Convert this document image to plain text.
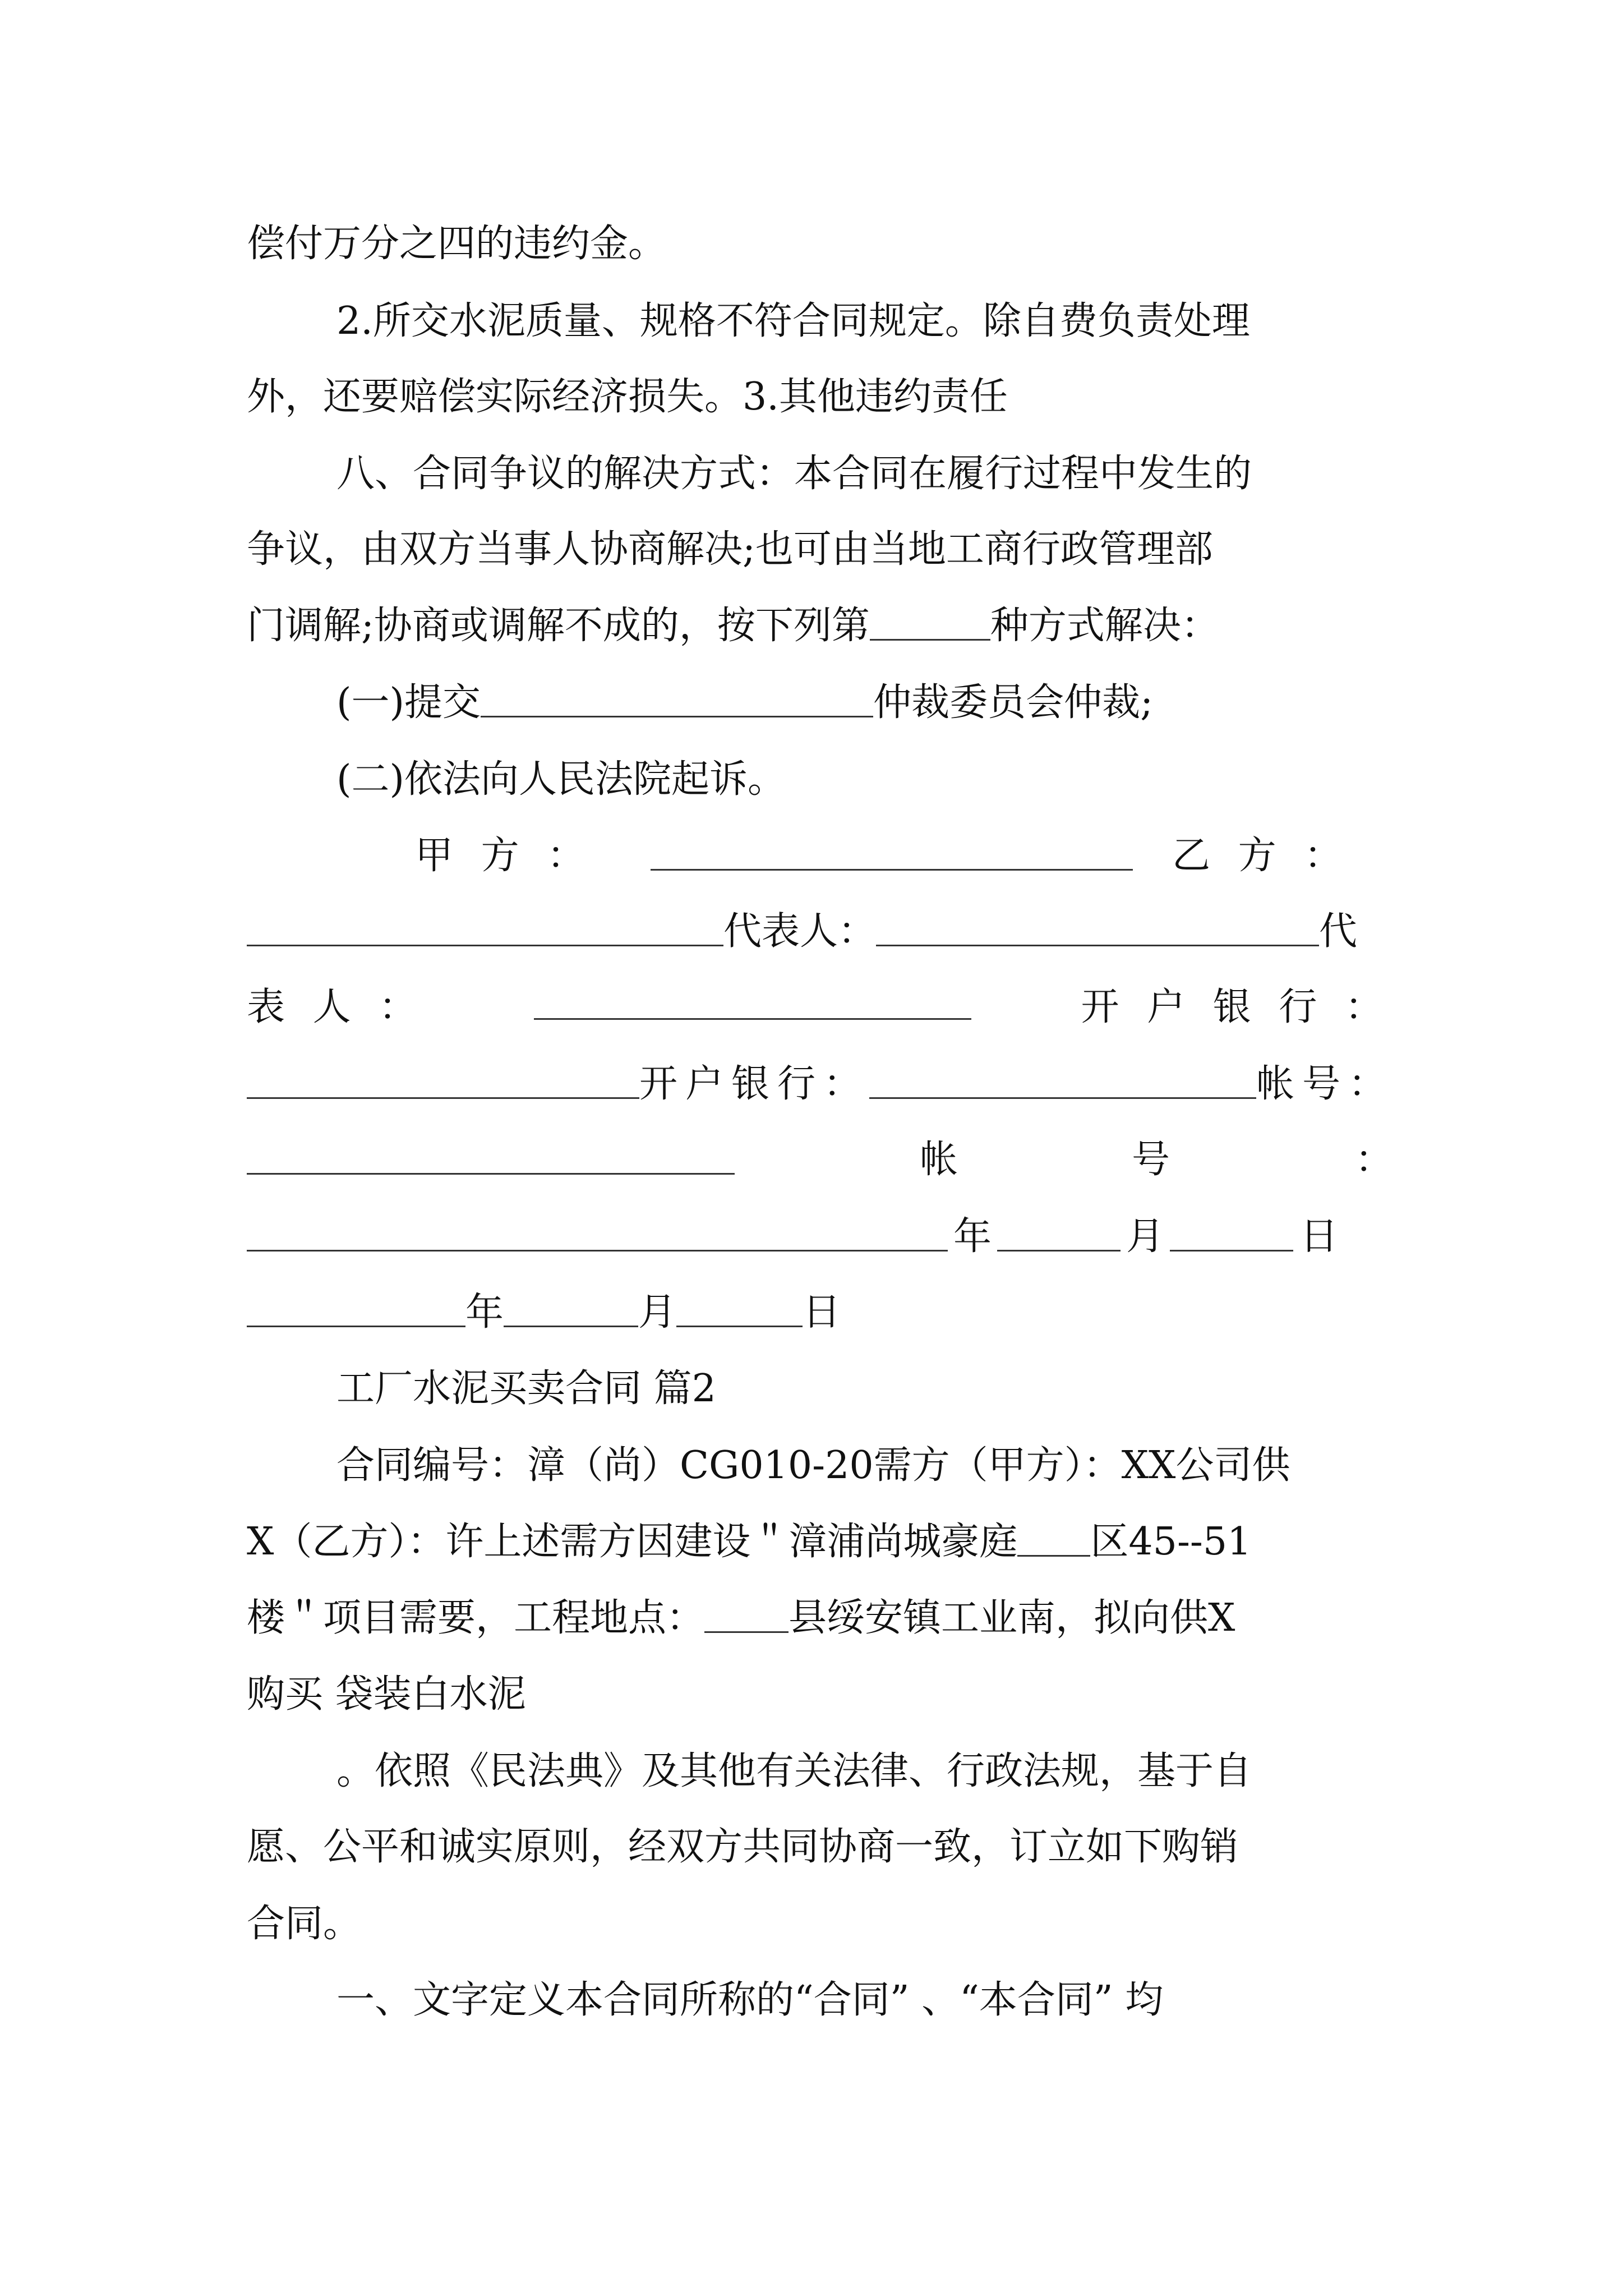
偿付万分之四的违约金。
2.所交水泥质量、规格不符合同规定。除自费负责处理
外，还要赔偿实际经济损失。3.其他违约责任
八、合同争议的解决方式：本合同在履行过程中发生的
争议，由双方当事人协商解决;也可由当地工商行政管理部
门调解;协商或调解不成的，按下列第	种方式解决：
(一)提交	仲裁委员会仲裁;
(二)依法向人民法院起诉。
甲 方 ：	乙 方 ：
代表人：	代
表 人 ：	开 户 银 行 ：
开户银行：	帐号：
帐	号	：
年	月	日
年	月	日
工厂水泥买卖合同 篇2
合同编号：漳（尚）CG010-20需方（甲方）：XX公司供
X（乙方）：许上述需方因建设＂漳浦尚城豪庭 区45--51
楼＂项目需要，工程地点： 县绥安镇工业南，拟向供X
购买 袋装白水泥
。依照《民法典》及其他有关法律、行政法规，基于自
愿、公平和诚实原则，经双方共同协商一致，订立如下购销
合同。
一、文字定义本合同所称的“合同” 、“本合同” 均
